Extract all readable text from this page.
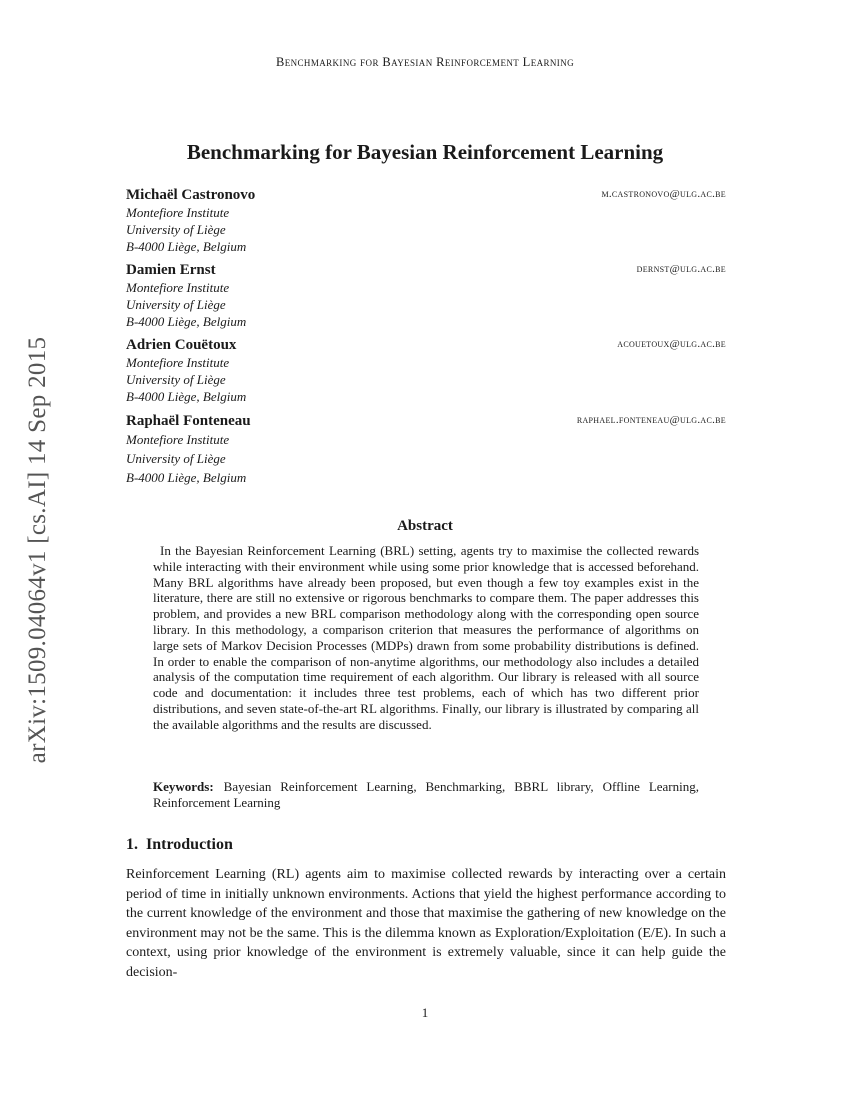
Benchmarking for Bayesian Reinforcement Learning
arXiv:1509.04064v1 [cs.AI] 14 Sep 2015
Benchmarking for Bayesian Reinforcement Learning
Michaël Castronovo	m.castronovo@ulg.ac.be
Montefiore Institute
University of Liège
B-4000 Liège, Belgium
Damien Ernst	dernst@ulg.ac.be
Montefiore Institute
University of Liège
B-4000 Liège, Belgium
Adrien Couëtoux	acouetoux@ulg.ac.be
Montefiore Institute
University of Liège
B-4000 Liège, Belgium
Raphaël Fonteneau	raphael.fonteneau@ulg.ac.be
Montefiore Institute
University of Liège
B-4000 Liège, Belgium
Abstract
In the Bayesian Reinforcement Learning (BRL) setting, agents try to maximise the collected rewards while interacting with their environment while using some prior knowledge that is accessed beforehand. Many BRL algorithms have already been proposed, but even though a few toy examples exist in the literature, there are still no extensive or rigorous benchmarks to compare them. The paper addresses this problem, and provides a new BRL comparison methodology along with the corresponding open source library. In this methodology, a comparison criterion that measures the performance of algorithms on large sets of Markov Decision Processes (MDPs) drawn from some probability distributions is defined. In order to enable the comparison of non-anytime algorithms, our methodology also includes a detailed analysis of the computation time requirement of each algorithm. Our library is released with all source code and documentation: it includes three test problems, each of which has two different prior distributions, and seven state-of-the-art RL algorithms. Finally, our library is illustrated by comparing all the available algorithms and the results are discussed.
Keywords: Bayesian Reinforcement Learning, Benchmarking, BBRL library, Offline Learning, Reinforcement Learning
1. Introduction
Reinforcement Learning (RL) agents aim to maximise collected rewards by interacting over a certain period of time in initially unknown environments. Actions that yield the highest performance according to the current knowledge of the environment and those that maximise the gathering of new knowledge on the environment may not be the same. This is the dilemma known as Exploration/Exploitation (E/E). In such a context, using prior knowledge of the environment is extremely valuable, since it can help guide the decision-
1
